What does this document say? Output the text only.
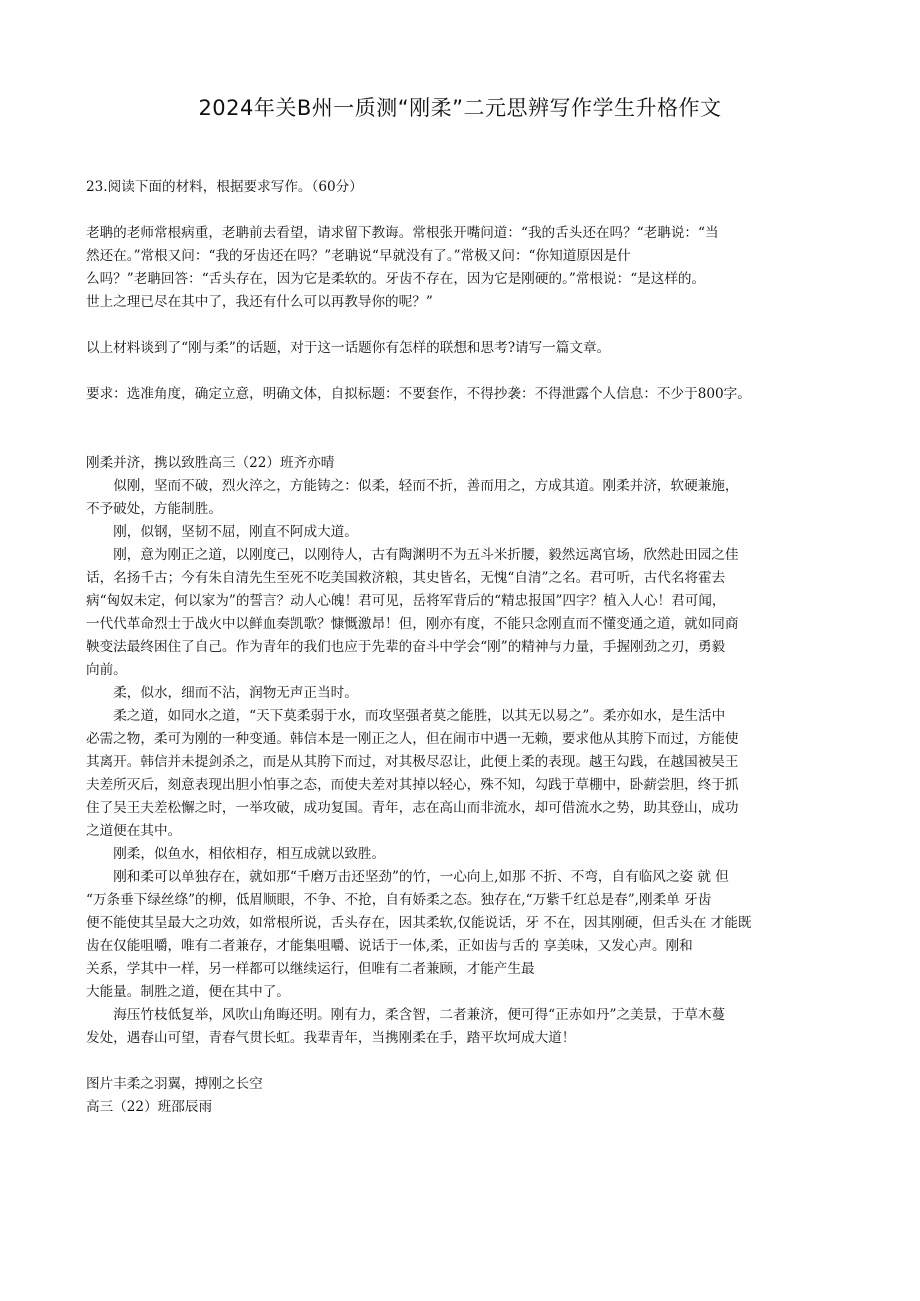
2024年关B州一质测“刚柔”二元思辨写作学生升格作文

23.阅读下面的材料，根据要求写作。（60分）

老聃的老师常根病重，老聃前去看望，请求留下教诲。常根张开嘴问道：“我的舌头还在吗？“老聃说：“当
然还在。”常根又问：“我的牙齿还在吗？”老聃说“早就没有了。”常极又问：“你知道原因是什
么吗？”老聃回答：“舌头存在，因为它是柔软的。牙齿不存在，因为它是刚硬的。”常根说：“是这样的。
世上之理已尽在其中了，我还有什么可以再教导你的呢？”

以上材料谈到了“刚与柔”的话题，对于这一话题你有怎样的联想和思考?请写一篇文章。

要求：选准角度，确定立意，明确文体，自拟标题：不要套作，不得抄袭：不得泄露个人信息：不少于800字。

刚柔并济，携以致胜高三（22）班齐亦晴

似刚，坚而不破，烈火淬之，方能铸之：似柔，轻而不折，善而用之，方成其道。刚柔并济，软硬兼施，
不予破处，方能制胜。
刚，似钢，坚韧不屈，刚直不阿成大道。
刚，意为刚正之道，以刚度己，以刚待人，古有陶渊明不为五斗米折腰，毅然远离官场，欣然赴田园之佳
话，名扬千古；今有朱自清先生至死不吃美国救济粮，其史皆名，无愧“自清”之名。君可听，古代名将霍去
病“匈奴未定，何以家为”的誓言？动人心魄！君可见，岳将军背后的“精忠报国”四字？植入人心！君可闻，
一代代革命烈士于战火中以鲜血奏凯歌？慷慨激昂！但，刚亦有度，不能只念刚直而不懂变通之道，就如同商
鞅变法最终困住了自己。作为青年的我们也应于先辈的奋斗中学会“刚”的精神与力量，手握刚劲之刃，勇毅
向前。
柔，似水，细而不沾，润物无声正当时。
柔之道，如同水之道，“天下莫柔弱于水，而攻坚强者莫之能胜，以其无以易之”。柔亦如水，是生活中
必需之物，柔可为刚的一种变通。韩信本是一刚正之人，但在闹市中遇一无赖，要求他从其胯下而过，方能使
其离开。韩信并未提剑杀之，而是从其胯下而过，对其极尽忍让，此便上柔的表现。越王勾践，在越国被吴王
夫差所灭后，刻意表现出胆小怕事之态，而使夫差对其掉以轻心，殊不知，勾践于草棚中，卧薪尝胆，终于抓
住了吴王夫差松懈之时，一举攻破，成功复国。青年，志在高山而非流水，却可借流水之势，助其登山，成功
之道便在其中。
刚柔，似鱼水，相依相存，相互成就以致胜。
刚和柔可以单独存在，就如那“千磨万击还坚劲”的竹，一心向上,如那 不折、不弯，自有临风之姿 就 但
“万条垂下绿丝绦”的柳，低眉顺眼，不争、不抢，自有娇柔之态。独存在,“万紫千红总是春”,刚柔单 牙齿
便不能使其呈最大之功效，如常根所说，舌头存在，因其柔软,仅能说话，牙 不在，因其刚硬，但舌头在 才能既
齿在仅能咀嚼，唯有二者兼存，才能集咀嚼、说话于一体,柔，正如齿与舌的 享美味，又发心声。刚和
关系，学其中一样，另一样都可以继续运行，但唯有二者兼顾，才能产生最
大能量。制胜之道，便在其中了。
海压竹枝低复举，风吹山角晦还明。刚有力，柔含智，二者兼济，便可得“正赤如丹”之美景，于草木蔓
发处，遇春山可望，青春气贯长虹。我辈青年，当携刚柔在手，踏平坎坷成大道！

图片丰柔之羽翼，搏刚之长空

高三（22）班邵辰雨
